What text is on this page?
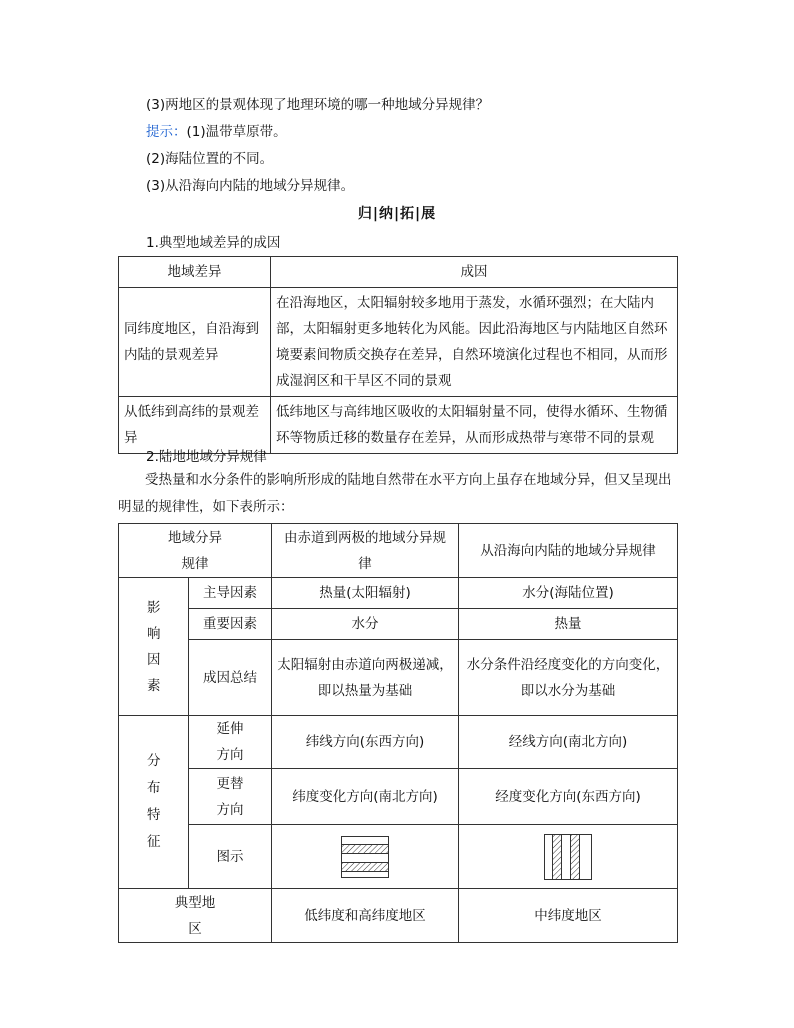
(3)两地区的景观体现了地理环境的哪一种地域分异规律？
提示：(1)温带草原带。
(2)海陆位置的不同。
(3)从沿海向内陆的地域分异规律。
归|纳|拓|展
1.典型地域差异的成因
地域差异	成因
同纬度地区，自沿海到内陆的景观差异	在沿海地区，太阳辐射较多地用于蒸发，水循环强烈；在大陆内部，太阳辐射更多地转化为风能。因此沿海地区与内陆地区自然环境要素间物质交换存在差异，自然环境演化过程也不相同，从而形成湿润区和干旱区不同的景观
从低纬到高纬的景观差异	低纬地区与高纬地区吸收的太阳辐射量不同，使得水循环、生物循环等物质迁移的数量存在差异，从而形成热带与寒带不同的景观
2.陆地地域分异规律
受热量和水分条件的影响所形成的陆地自然带在水平方向上虽存在地域分异，但又呈现出明显的规律性，如下表所示：
地域分异规律		由赤道到两极的地域分异规律	从沿海向内陆的地域分异规律
影响因素	主导因素	热量(太阳辐射)	水分(海陆位置)
	重要因素	水分	热量
	成因总结	太阳辐射由赤道向两极递减，即以热量为基础	水分条件沿经度变化的方向变化，即以水分为基础
分布特征	延伸方向	纬线方向(东西方向)	经线方向(南北方向)
	更替方向	纬度变化方向(南北方向)	经度变化方向(东西方向)
	图示		
典型地区		低纬度和高纬度地区	中纬度地区
